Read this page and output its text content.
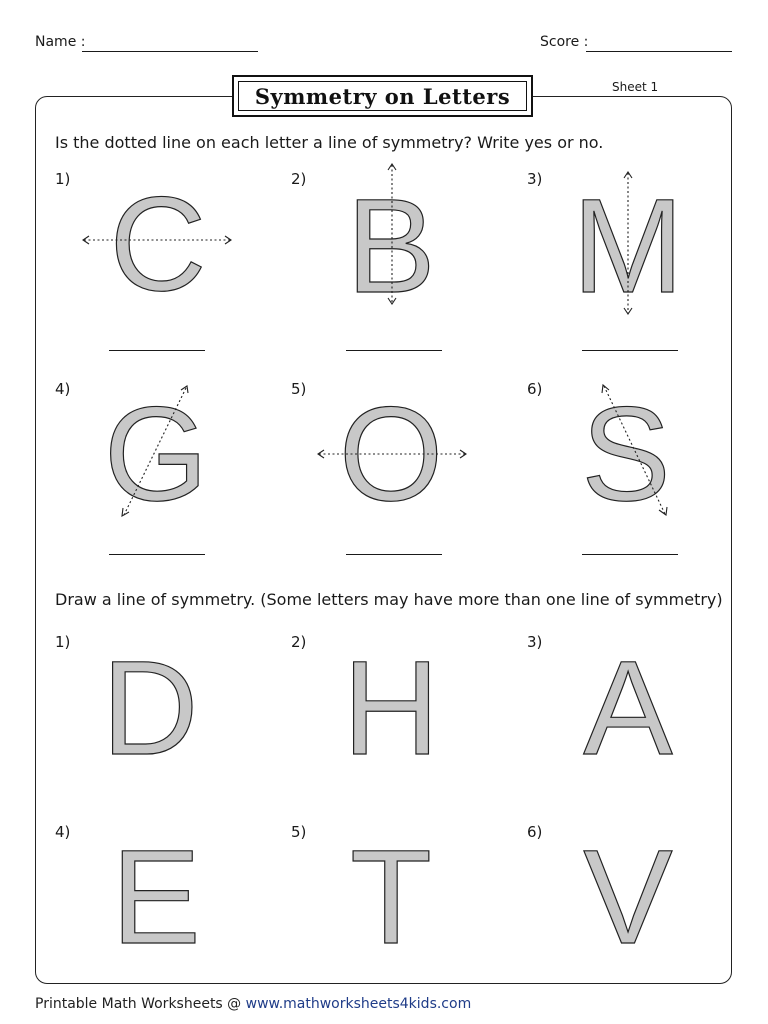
Name :	Score :
Symmetry on Letters	Sheet 1
Is the dotted line on each letter a line of symmetry? Write yes or no.
1)	2)	3)
4)	5)	6)
C B M
G O S
Draw a line of symmetry. (Some letters may have more than one line of symmetry)
1)	2)	3)
4)	5)	6)
D H A
E T V
Printable Math Worksheets @ www.mathworksheets4kids.com
